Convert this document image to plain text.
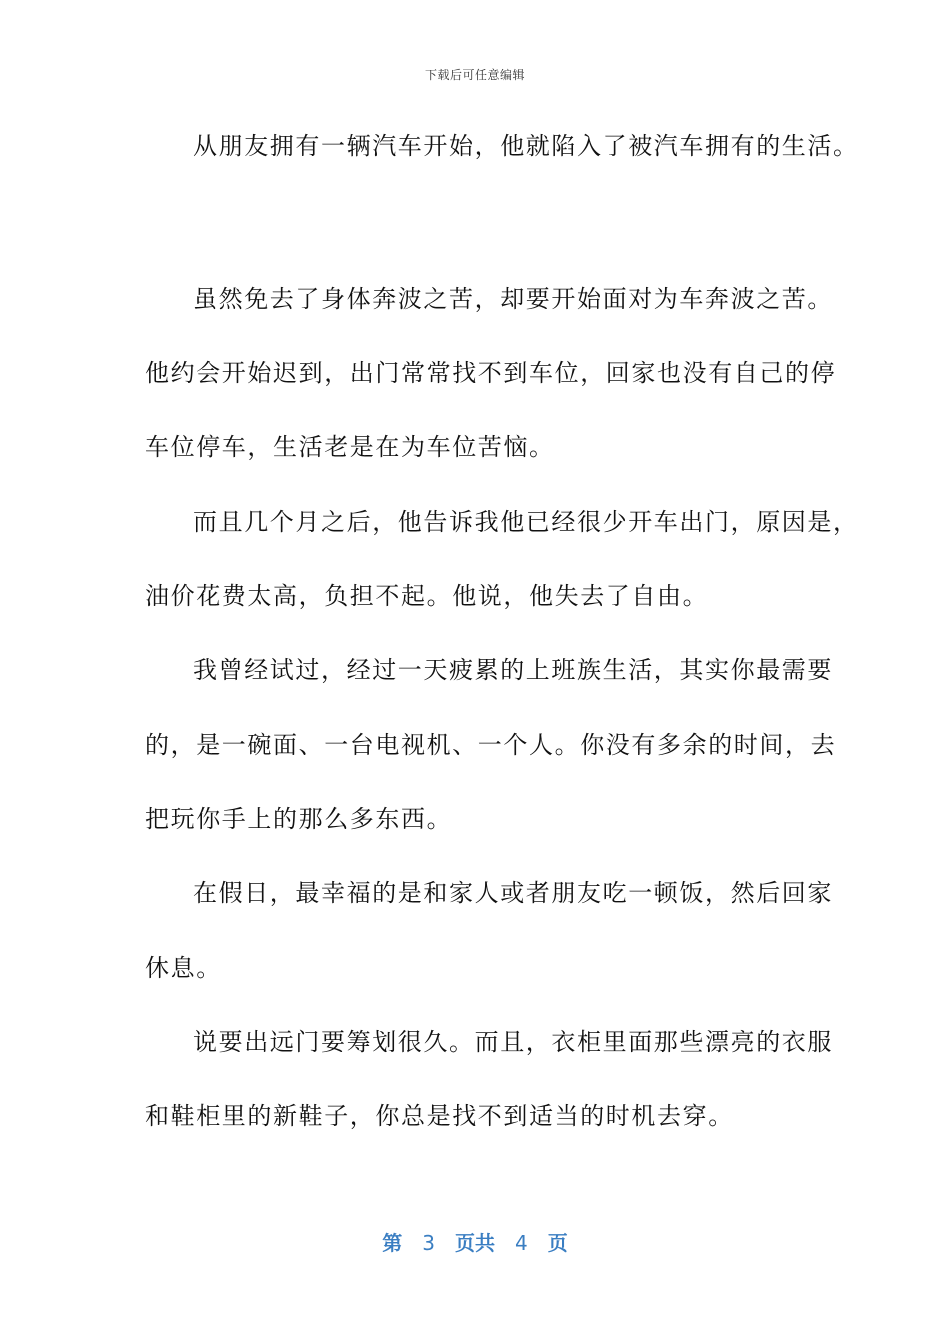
下载后可任意编辑
从朋友拥有一辆汽车开始，他就陷入了被汽车拥有的生活。
虽然免去了身体奔波之苦，却要开始面对为车奔波之苦。
他约会开始迟到，出门常常找不到车位，回家也没有自己的停
车位停车，生活老是在为车位苦恼。
而且几个月之后，他告诉我他已经很少开车出门，原因是，
油价花费太高，负担不起。他说，他失去了自由。
我曾经试过，经过一天疲累的上班族生活，其实你最需要
的，是一碗面、一台电视机、一个人。你没有多余的时间，去
把玩你手上的那么多东西。
在假日，最幸福的是和家人或者朋友吃一顿饭，然后回家
休息。
说要出远门要筹划很久。而且，衣柜里面那些漂亮的衣服
和鞋柜里的新鞋子，你总是找不到适当的时机去穿。
第 3 页共 4 页
